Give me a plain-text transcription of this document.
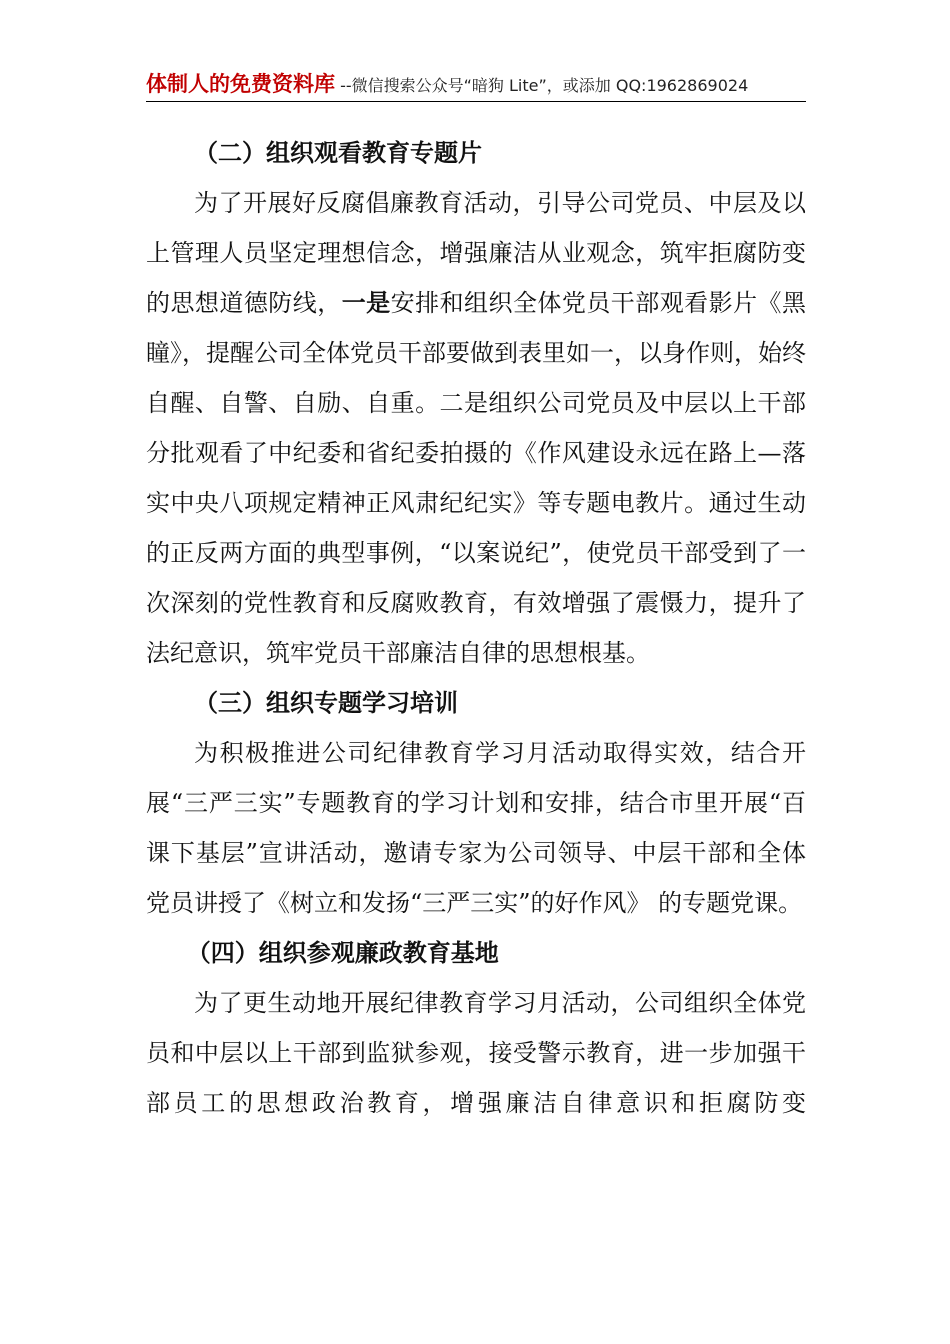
体制人的免费资料库 --微信搜索公众号“暗狗 Lite”，或添加 QQ:1962869024
（二）组织观看教育专题片

为了开展好反腐倡廉教育活动，引导公司党员、中层及以上管理人员坚定理想信念，增强廉洁从业观念，筑牢拒腐防变的思想道德防线，一是安排和组织全体党员干部观看影片《黑瞳》，提醒公司全体党员干部要做到表里如一，以身作则，始终自醒、自警、自励、自重。二是组织公司党员及中层以上干部分批观看了中纪委和省纪委拍摄的《作风建设永远在路上—落实中央八项规定精神正风肃纪纪实》等专题电教片。通过生动的正反两方面的典型事例，“以案说纪”，使党员干部受到了一次深刻的党性教育和反腐败教育，有效增强了震慑力，提升了法纪意识，筑牢党员干部廉洁自律的思想根基。

（三）组织专题学习培训

为积极推进公司纪律教育学习月活动取得实效，结合开展“三严三实”专题教育的学习计划和安排，结合市里开展“百课下基层”宣讲活动，邀请专家为公司领导、中层干部和全体党员讲授了《树立和发扬“三严三实”的好作风》 的专题党课。

（四）组织参观廉政教育基地

为了更生动地开展纪律教育学习月活动，公司组织全体党员和中层以上干部到监狱参观，接受警示教育，进一步加强干部员工的思想政治教育，增强廉洁自律意识和拒腐防变
